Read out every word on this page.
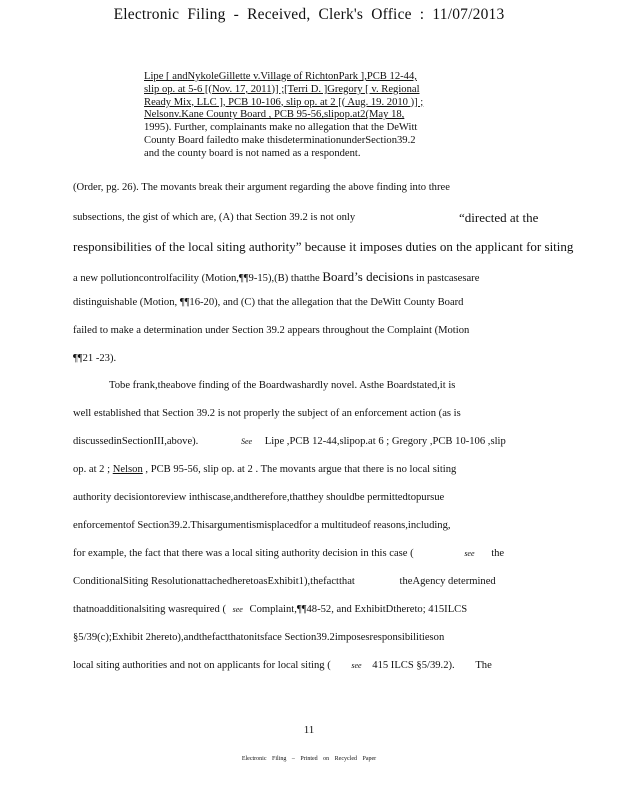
Electronic Filing - Received, Clerk's Office : 11/07/2013
Lipe [ andNykoleGillette v.Village of RichtonPark ],PCB 12-44,
slip op. at 5-6 [(Nov. 17, 2011)] ;[Terri D. ]Gregory [ v. Regional
Ready Mix, LLC ], PCB 10-106, slip op. at 2 [( Aug. 19. 2010 )] ;
Nelsonv.Kane County Board , PCB 95-56,slipop.at2(May 18,
1995). Further, complainants make no allegation that the DeWitt
County Board failedto make thisdeterminationunderSection39.2
and the county board is not named as a respondent.
(Order, pg. 26). The movants break their argument regarding the above finding into three
subsections, the gist of which are, (A) that Section 39.2 is not only	“directed at the
responsibilities of the local siting authority” because it imposes duties on the applicant for siting
a new pollutioncontrolfacility (Motion,¶¶9-15),(B) thatthe Board’s decisions in pastcasesare
distinguishable (Motion, ¶¶16-20), and (C) that the allegation that the DeWitt County Board
failed to make a determination under Section 39.2 appears throughout the Complaint (Motion
¶¶21 -23).
Tobe frank,theabove finding of the Boardwashardly novel. Asthe Boardstated,it is
well established that Section 39.2 is not properly the subject of an enforcement action (as is
discussedinSectionIII,above).	See Lipe ,PCB 12-44,slipop.at 6 ; Gregory ,PCB 10-106 ,slip
op. at 2 ; Nelson , PCB 95-56, slip op. at 2 . The movants argue that there is no local siting
authority decisiontoreview inthiscase,andtherefore,thatthey shouldbe permittedtopursue
enforcementof Section39.2.Thisargumentismisplacedfor a multitudeof reasons,including,
for example, the fact that there was a local siting authority decision in this case (	see the
ConditionalSiting ResolutionattachedheretoasExhibit1),thefactthat	theAgency determined
thatnoadditionalsiting wasrequired ( see Complaint,¶¶48-52, and ExhibitDthereto; 415ILCS
§5/39(c);Exhibit 2hereto),andthefactthatonitsface Section39.2imposesresponsibilitieson
local siting authorities and not on applicants for local siting (	see 415 ILCS §5/39.2). The
11
Electronic Filing – Printed on Recycled Paper
